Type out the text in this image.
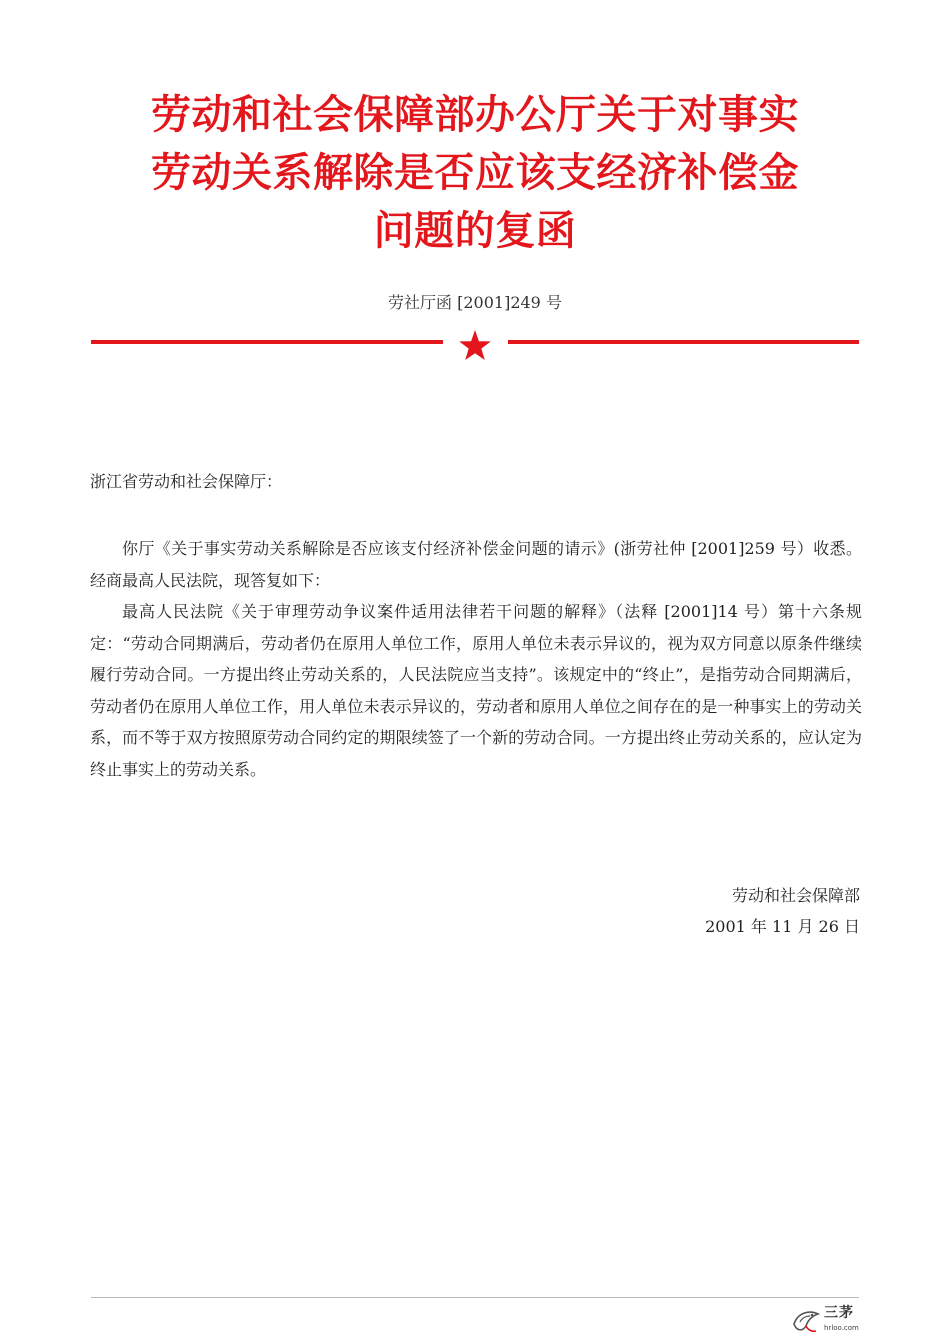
劳动和社会保障部办公厅关于对事实
劳动关系解除是否应该支经济补偿金
问题的复函
劳社厅函 [2001]249 号

浙江省劳动和社会保障厅：

你厅《关于事实劳动关系解除是否应该支付经济补偿金问题的请示》(浙劳社仲 [2001]259 号）收悉。经商最高人民法院，现答复如下：

最高人民法院《关于审理劳动争议案件适用法律若干问题的解释》（法释 [2001]14 号）第十六条规定：“劳动合同期满后，劳动者仍在原用人单位工作，原用人单位未表示异议的，视为双方同意以原条件继续履行劳动合同。一方提出终止劳动关系的，人民法院应当支持”。该规定中的“终止”，是指劳动合同期满后，劳动者仍在原用人单位工作，用人单位未表示异议的，劳动者和原用人单位之间存在的是一种事实上的劳动关系，而不等于双方按照原劳动合同约定的期限续签了一个新的劳动合同。一方提出终止劳动关系的，应认定为终止事实上的劳动关系。

劳动和社会保障部
2001 年 11 月 26 日
三茅
hrloo.com
